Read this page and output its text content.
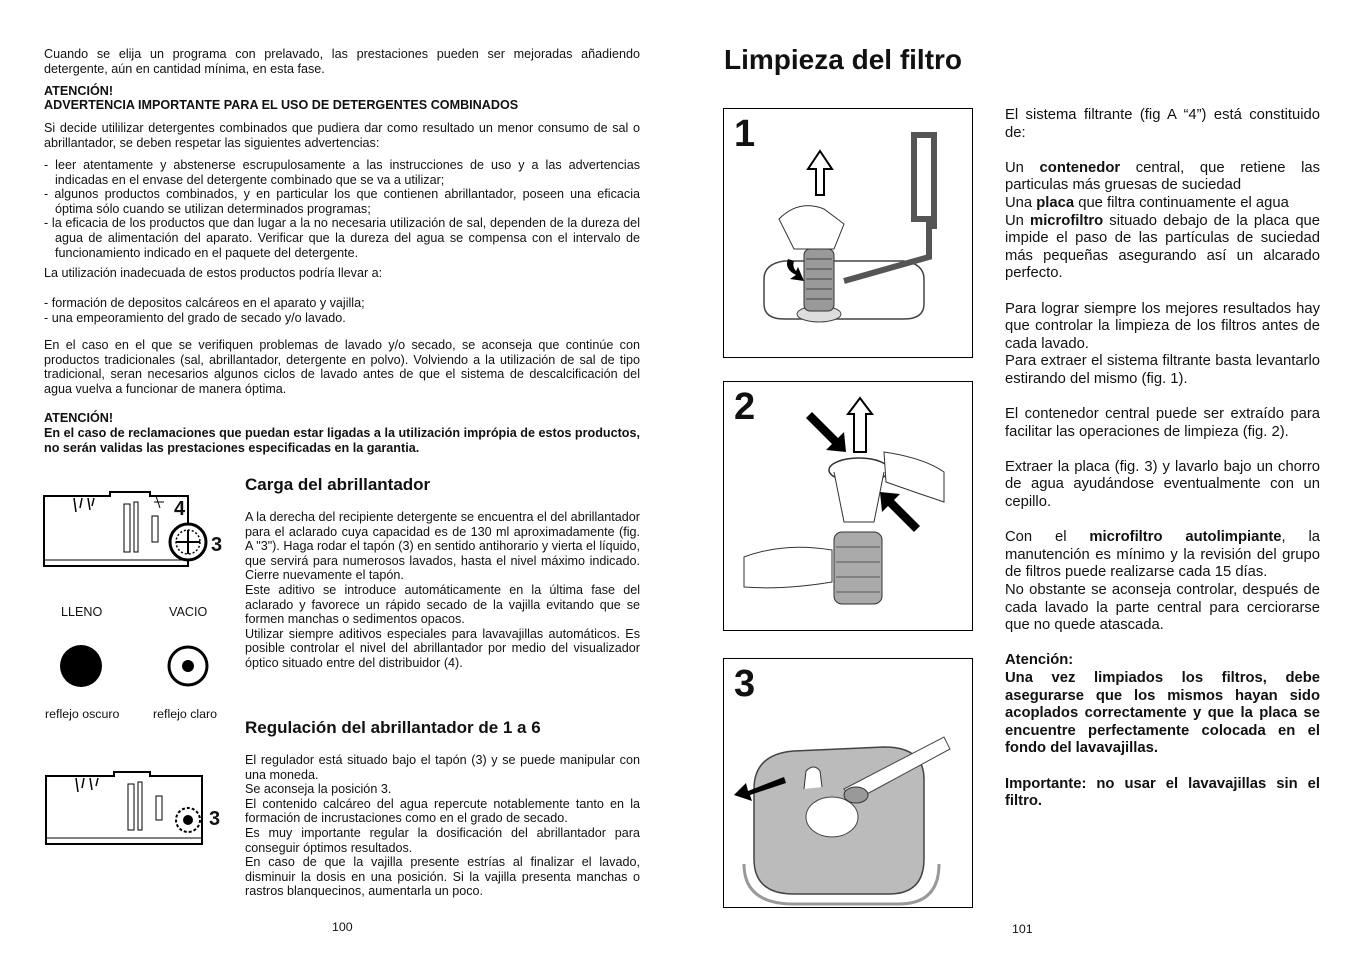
Cuando se elija un programa con prelavado, las prestaciones pueden ser mejoradas añadiendo detergente, aún en cantidad mínima, en esta fase.

ATENCIÓN!

ADVERTENCIA IMPORTANTE PARA EL USO DE DETERGENTES COMBINADOS

Si decide utililizar detergentes combinados que pudiera dar como resultado un menor consumo de sal o abrillantador, se deben respetar las siguientes advertencias:

- leer atentamente y abstenerse escrupulosamente a las instrucciones de uso y a las advertencias indicadas en el envase del detergente combinado que se va a utilizar;
- algunos productos combinados, y en particular los que contienen abrillantador, poseen una eficacia óptima sólo cuando se utilizan determinados programas;
- la eficacia de los productos que dan lugar a la no necesaria utilización de sal, dependen de la dureza del agua de alimentación del aparato. Verificar que la dureza del agua se compensa con el intervalo de funcionamiento indicado en el paquete del detergente.

La utilización inadecuada de estos productos podría llevar a:

- formación de depositos calcáreos en el aparato y vajilla;

- una empeoramiento del grado de secado y/o lavado.

En el caso en el que se verifiquen problemas de lavado y/o secado, se aconseja que continúe con productos tradicionales (sal, abrillantador, detergente en polvo). Volviendo a la utilización de sal de tipo tradicional, seran necesarios algunos ciclos de lavado antes de que el sistema de descalcificación del agua vuelva a funcionar de manera óptima.

ATENCIÓN!

En el caso de reclamaciones que puedan estar ligadas a la utilización imprópia de estos productos, no serán validas las prestaciones especificadas en la garantia.

4
3
LLENO	VACIO
reflejo oscuro	reflejo claro
3
Carga del abrillantador

A la derecha del recipiente detergente se encuentra el del abrillantador para el aclarado cuya capacidad es de 130 ml aproximadamente (fig. A "3"). Haga rodar el tapón (3) en sentido antihorario y vierta el líquido, que servirá para numerosos lavados, hasta el nivel máximo indicado. Cierre nuevamente el tapón.

Este aditivo se introduce automáticamente en la última fase del aclarado y favorece un rápido secado de la vajilla evitando que se formen manchas o sedimentos opacos.

Utilizar siempre aditivos especiales para lavavajillas automáticos. Es posible controlar el nivel del abrillantador por medio del visualizador óptico situado entre del distribuidor (4).

Regulación del abrillantador de 1 a 6

El regulador está situado bajo el tapón (3) y se puede manipular con una moneda.

Se aconseja la posición 3.

El contenido calcáreo del agua repercute notablemente tanto en la formación de incrustaciones como en el grado de secado.

Es muy importante regular la dosificación del abrillantador para conseguir óptimos resultados.

En caso de que la vajilla presente estrías al finalizar el lavado, disminuir la dosis en una posición. Si la vajilla presenta manchas o rastros blanquecinos, aumentarla un poco.

100
Limpieza del filtro
1
2
3

El sistema filtrante (fig A “4”) está constituido de:

Un contenedor central, que retiene las particulas más gruesas de suciedad

Una placa que filtra continuamente el agua

Un microfiltro situado debajo de la placa que impide el paso de las partículas de suciedad más pequeñas asegurando así un alcarado perfecto.

Para lograr siempre los mejores resultados hay que controlar la limpieza de los filtros antes de cada lavado.

Para extraer el sistema filtrante basta levantarlo estirando del mismo (fig. 1).

El contenedor central puede ser extraído para facilitar las operaciones de limpieza (fig. 2).

Extraer la placa (fig. 3) y lavarlo bajo un chorro de agua ayudándose eventualmente con un cepillo.

Con el microfiltro autolimpiante, la manutención es mínimo y la revisión del grupo de filtros puede realizarse cada 15 días.

No obstante se aconseja controlar, después de cada lavado la parte central para cerciorarse que no quede atascada.

Atención:

Una vez limpiados los filtros, debe asegurarse que los mismos hayan sido acoplados correctamente y que la placa se encuentre perfectamente colocada en el fondo del lavavajillas.

Importante: no usar el lavavajillas sin el filtro.

101
